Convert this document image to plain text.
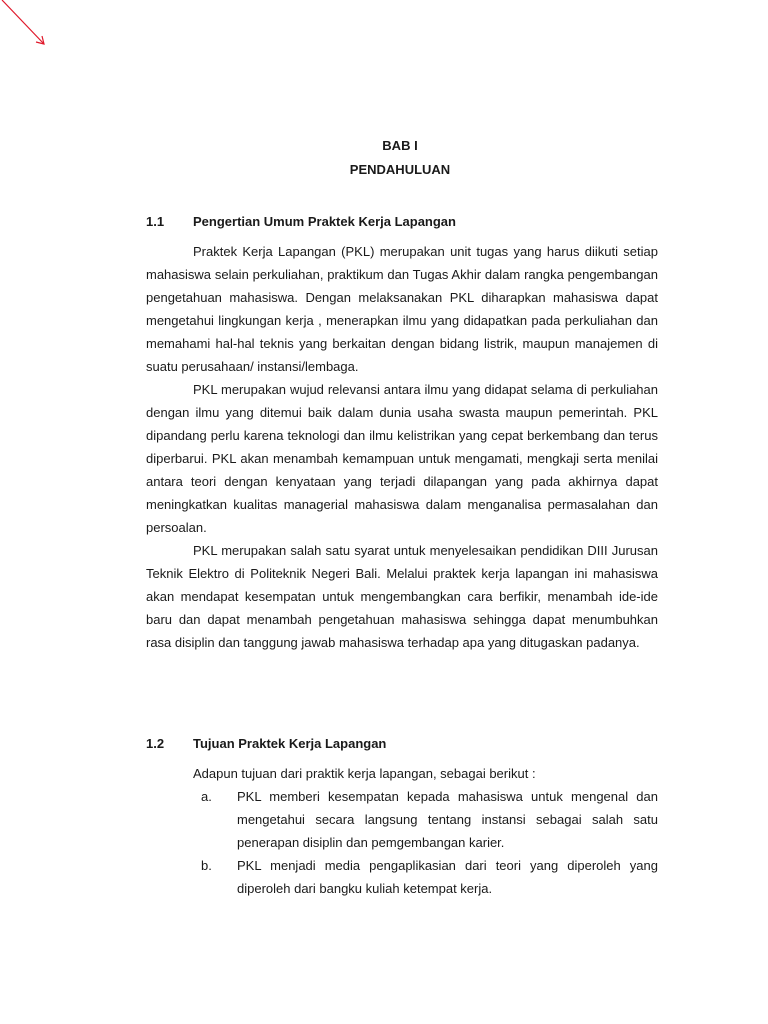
BAB I
PENDAHULUAN
1.1 Pengertian Umum Praktek Kerja Lapangan

Praktek Kerja Lapangan (PKL) merupakan unit tugas yang harus diikuti setiap mahasiswa selain perkuliahan, praktikum dan Tugas Akhir dalam rangka pengembangan pengetahuan mahasiswa. Dengan melaksanakan PKL diharapkan mahasiswa dapat mengetahui lingkungan kerja , menerapkan ilmu yang didapatkan pada perkuliahan dan memahami hal-hal teknis yang berkaitan dengan bidang listrik, maupun manajemen di suatu perusahaan/ instansi/lembaga.

PKL merupakan wujud relevansi antara ilmu yang didapat selama di perkuliahan dengan ilmu yang ditemui baik dalam dunia usaha swasta maupun pemerintah. PKL dipandang perlu karena teknologi dan ilmu kelistrikan yang cepat berkembang dan terus diperbarui. PKL akan menambah kemampuan untuk mengamati, mengkaji serta menilai antara teori dengan kenyataan yang terjadi dilapangan yang pada akhirnya dapat meningkatkan kualitas managerial mahasiswa dalam menganalisa permasalahan dan persoalan.

PKL merupakan salah satu syarat untuk menyelesaikan pendidikan DIII Jurusan Teknik Elektro di Politeknik Negeri Bali. Melalui praktek kerja lapangan ini mahasiswa akan mendapat kesempatan untuk mengembangkan cara berfikir, menambah ide-ide baru dan dapat menambah pengetahuan mahasiswa sehingga dapat menumbuhkan rasa disiplin dan tanggung jawab mahasiswa terhadap apa yang ditugaskan padanya.

1.2 Tujuan Praktek Kerja Lapangan
Adapun tujuan dari praktik kerja lapangan, sebagai berikut :
a.	PKL memberi kesempatan kepada mahasiswa untuk mengenal dan mengetahui secara langsung tentang instansi sebagai salah satu penerapan disiplin dan pemgembangan karier.
b.	PKL menjadi media pengaplikasian dari teori yang diperoleh yang diperoleh dari bangku kuliah ketempat kerja.
